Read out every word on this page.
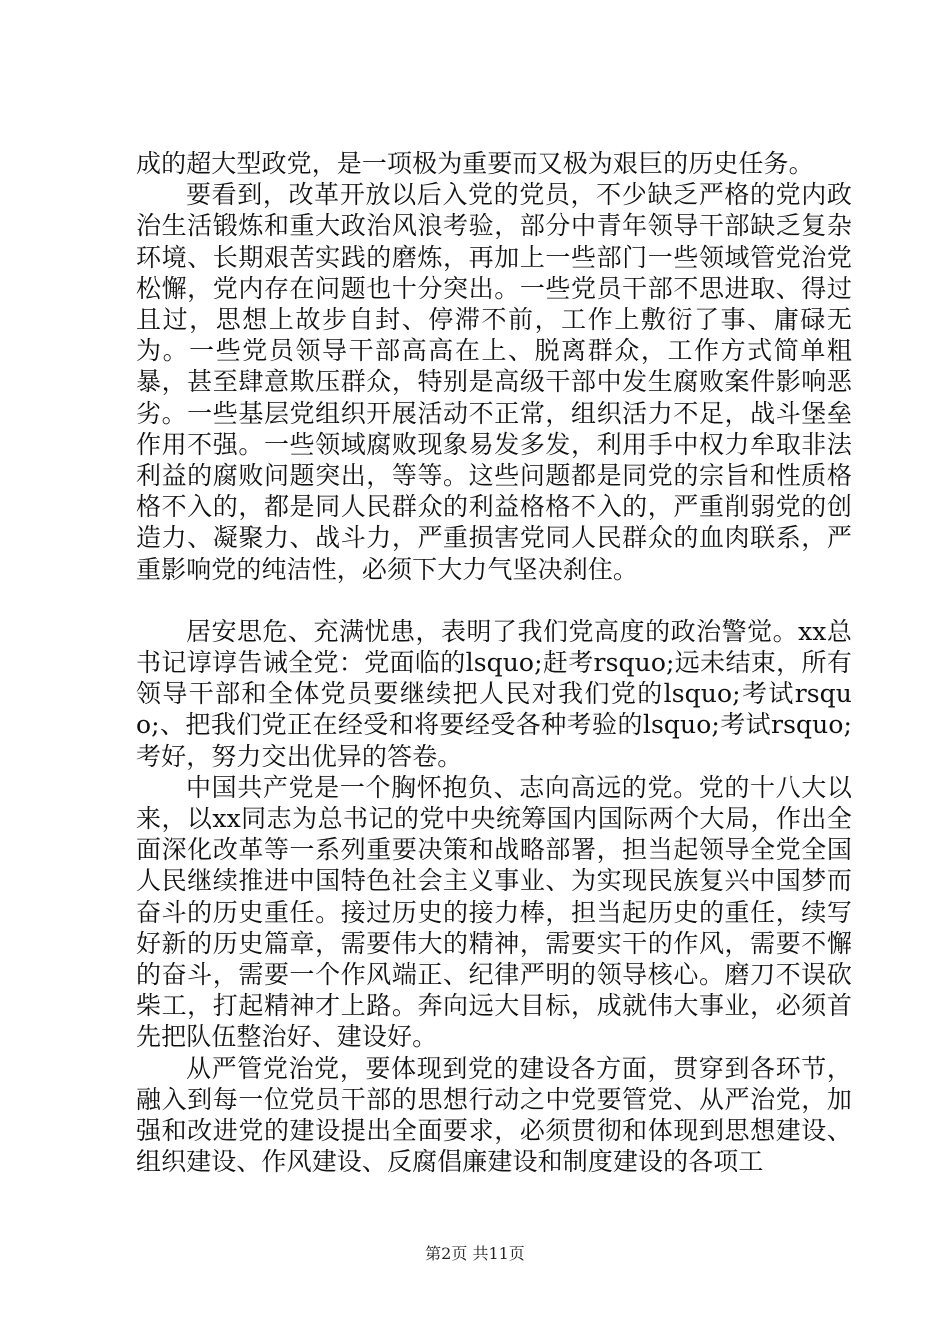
成的超大型政党，是一项极为重要而又极为艰巨的历史任务。

要看到，改革开放以后入党的党员，不少缺乏严格的党内政治生活锻炼和重大政治风浪考验，部分中青年领导干部缺乏复杂环境、长期艰苦实践的磨炼，再加上一些部门一些领域管党治党松懈，党内存在问题也十分突出。一些党员干部不思进取、得过且过，思想上故步自封、停滞不前，工作上敷衍了事、庸碌无为。一些党员领导干部高高在上、脱离群众，工作方式简单粗暴，甚至肆意欺压群众，特别是高级干部中发生腐败案件影响恶劣。一些基层党组织开展活动不正常，组织活力不足，战斗堡垒作用不强。一些领域腐败现象易发多发，利用手中权力牟取非法利益的腐败问题突出，等等。这些问题都是同党的宗旨和性质格格不入的，都是同人民群众的利益格格不入的，严重削弱党的创造力、凝聚力、战斗力，严重损害党同人民群众的血肉联系，严重影响党的纯洁性，必须下大力气坚决刹住。

居安思危、充满忧患，表明了我们党高度的政治警觉。xx总书记谆谆告诫全党：党面临的lsquo;赶考rsquo;远未结束，所有领导干部和全体党员要继续把人民对我们党的lsquo;考试rsquo;、把我们党正在经受和将要经受各种考验的lsquo;考试rsquo;考好，努力交出优异的答卷。

中国共产党是一个胸怀抱负、志向高远的党。党的十八大以来，以xx同志为总书记的党中央统筹国内国际两个大局，作出全面深化改革等一系列重要决策和战略部署，担当起领导全党全国人民继续推进中国特色社会主义事业、为实现民族复兴中国梦而奋斗的历史重任。接过历史的接力棒，担当起历史的重任，续写好新的历史篇章，需要伟大的精神，需要实干的作风，需要不懈的奋斗，需要一个作风端正、纪律严明的领导核心。磨刀不误砍柴工，打起精神才上路。奔向远大目标，成就伟大事业，必须首先把队伍整治好、建设好。

从严管党治党，要体现到党的建设各方面，贯穿到各环节，融入到每一位党员干部的思想行动之中党要管党、从严治党，加强和改进党的建设提出全面要求，必须贯彻和体现到思想建设、组织建设、作风建设、反腐倡廉建设和制度建设的各项工

第2页 共11页
